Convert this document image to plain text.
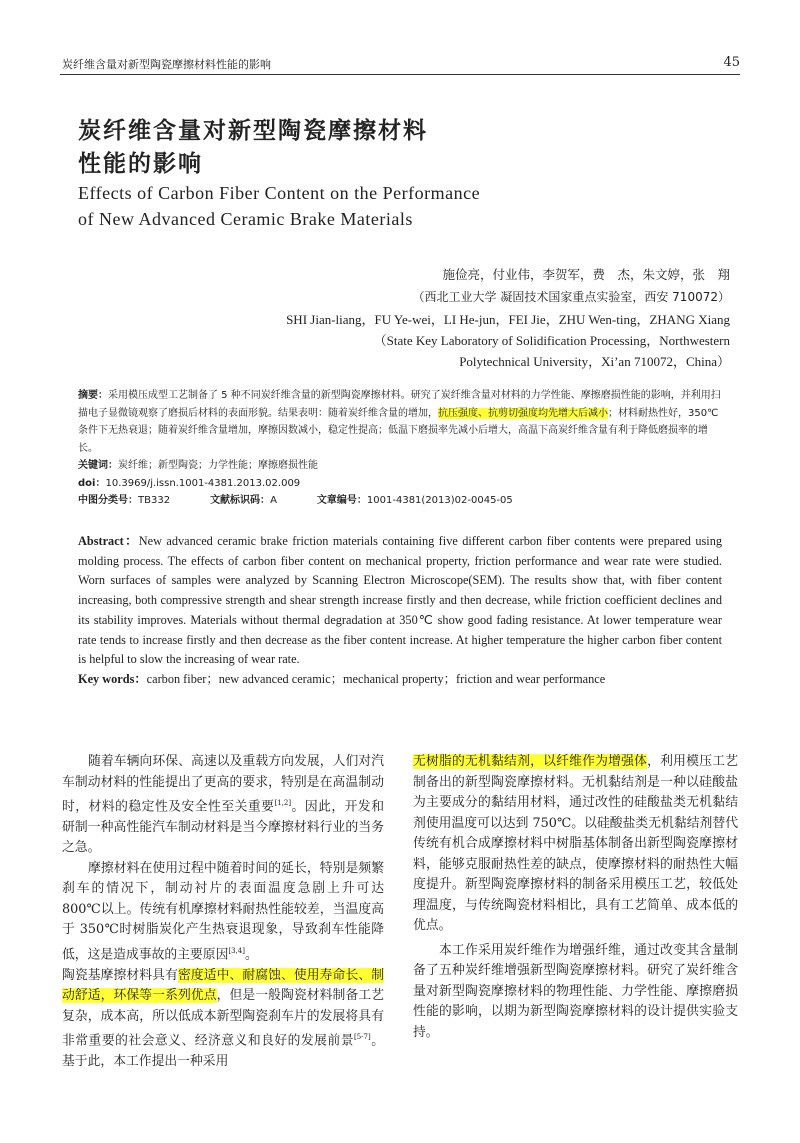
炭纤维含量对新型陶瓷摩擦材料性能的影响	45
炭纤维含量对新型陶瓷摩擦材料
性能的影响
Effects of Carbon Fiber Content on the Performance
of New Advanced Ceramic Brake Materials
施俭亮，付业伟，李贺军，费　杰，朱文婷，张　翔
（西北工业大学 凝固技术国家重点实验室，西安 710072）
SHI Jian-liang，FU Ye-wei，LI He-jun，FEI Jie，ZHU Wen-ting，ZHANG Xiang
（State Key Laboratory of Solidification Processing，Northwestern
Polytechnical University，Xi’an 710072，China）
摘要：采用模压成型工艺制备了 5 种不同炭纤维含量的新型陶瓷摩擦材料。研究了炭纤维含量对材料的力学性能、摩擦磨损性能的影响，并利用扫描电子显微镜观察了磨损后材料的表面形貌。结果表明：随着炭纤维含量的增加，抗压强度、抗剪切强度均先增大后减小；材料耐热性好，350℃条件下无热衰退；随着炭纤维含量增加，摩擦因数减小，稳定性提高；低温下磨损率先减小后增大，高温下高炭纤维含量有利于降低磨损率的增长。
关键词：炭纤维；新型陶瓷；力学性能；摩擦磨损性能
doi：10.3969/j.issn.1001-4381.2013.02.009
中图分类号：TB332	文献标识码：A	文章编号：1001-4381(2013)02-0045-05

Abstract：New advanced ceramic brake friction materials containing five different carbon fiber contents were prepared using molding process. The effects of carbon fiber content on mechanical property, friction performance and wear rate were studied. Worn surfaces of samples were analyzed by Scanning Electron Microscope(SEM). The results show that, with fiber content increasing, both compressive strength and shear strength increase firstly and then decrease, while friction coefficient declines and its stability improves. Materials without thermal degradation at 350℃ show good fading resistance. At lower temperature wear rate tends to increase firstly and then decrease as the fiber content increase. At higher temperature the higher carbon fiber content is helpful to slow the increasing of wear rate.

Key words：carbon fiber；new advanced ceramic；mechanical property；friction and wear performance

随着车辆向环保、高速以及重载方向发展，人们对汽车制动材料的性能提出了更高的要求，特别是在高温制动时，材料的稳定性及安全性至关重要[1,2]。因此，开发和研制一种高性能汽车制动材料是当今摩擦材料行业的当务之急。

摩擦材料在使用过程中随着时间的延长，特别是频繁刹车的情况下，制动衬片的表面温度急剧上升可达 800℃以上。传统有机摩擦材料耐热性能较差，当温度高于 350℃时树脂炭化产生热衰退现象，导致刹车性能降低，这是造成事故的主要原因[3,4]。

陶瓷基摩擦材料具有密度适中、耐腐蚀、使用寿命长、制动舒适，环保等一系列优点，但是一般陶瓷材料制备工艺复杂，成本高，所以低成本新型陶瓷刹车片的发展将具有非常重要的社会意义、经济意义和良好的发展前景[5-7]。基于此，本工作提出一种采用

无树脂的无机黏结剂，以纤维作为增强体，利用模压工艺制备出的新型陶瓷摩擦材料。无机黏结剂是一种以硅酸盐为主要成分的黏结用材料，通过改性的硅酸盐类无机黏结剂使用温度可以达到 750℃。以硅酸盐类无机黏结剂替代传统有机合成摩擦材料中树脂基体制备出新型陶瓷摩擦材料，能够克服耐热性差的缺点，使摩擦材料的耐热性大幅度提升。新型陶瓷摩擦材料的制备采用模压工艺，较低处理温度，与传统陶瓷材料相比，具有工艺简单、成本低的优点。

本工作采用炭纤维作为增强纤维，通过改变其含量制备了五种炭纤维增强新型陶瓷摩擦材料。研究了炭纤维含量对新型陶瓷摩擦材料的物理性能、力学性能、摩擦磨损性能的影响，以期为新型陶瓷摩擦材料的设计提供实验支持。
